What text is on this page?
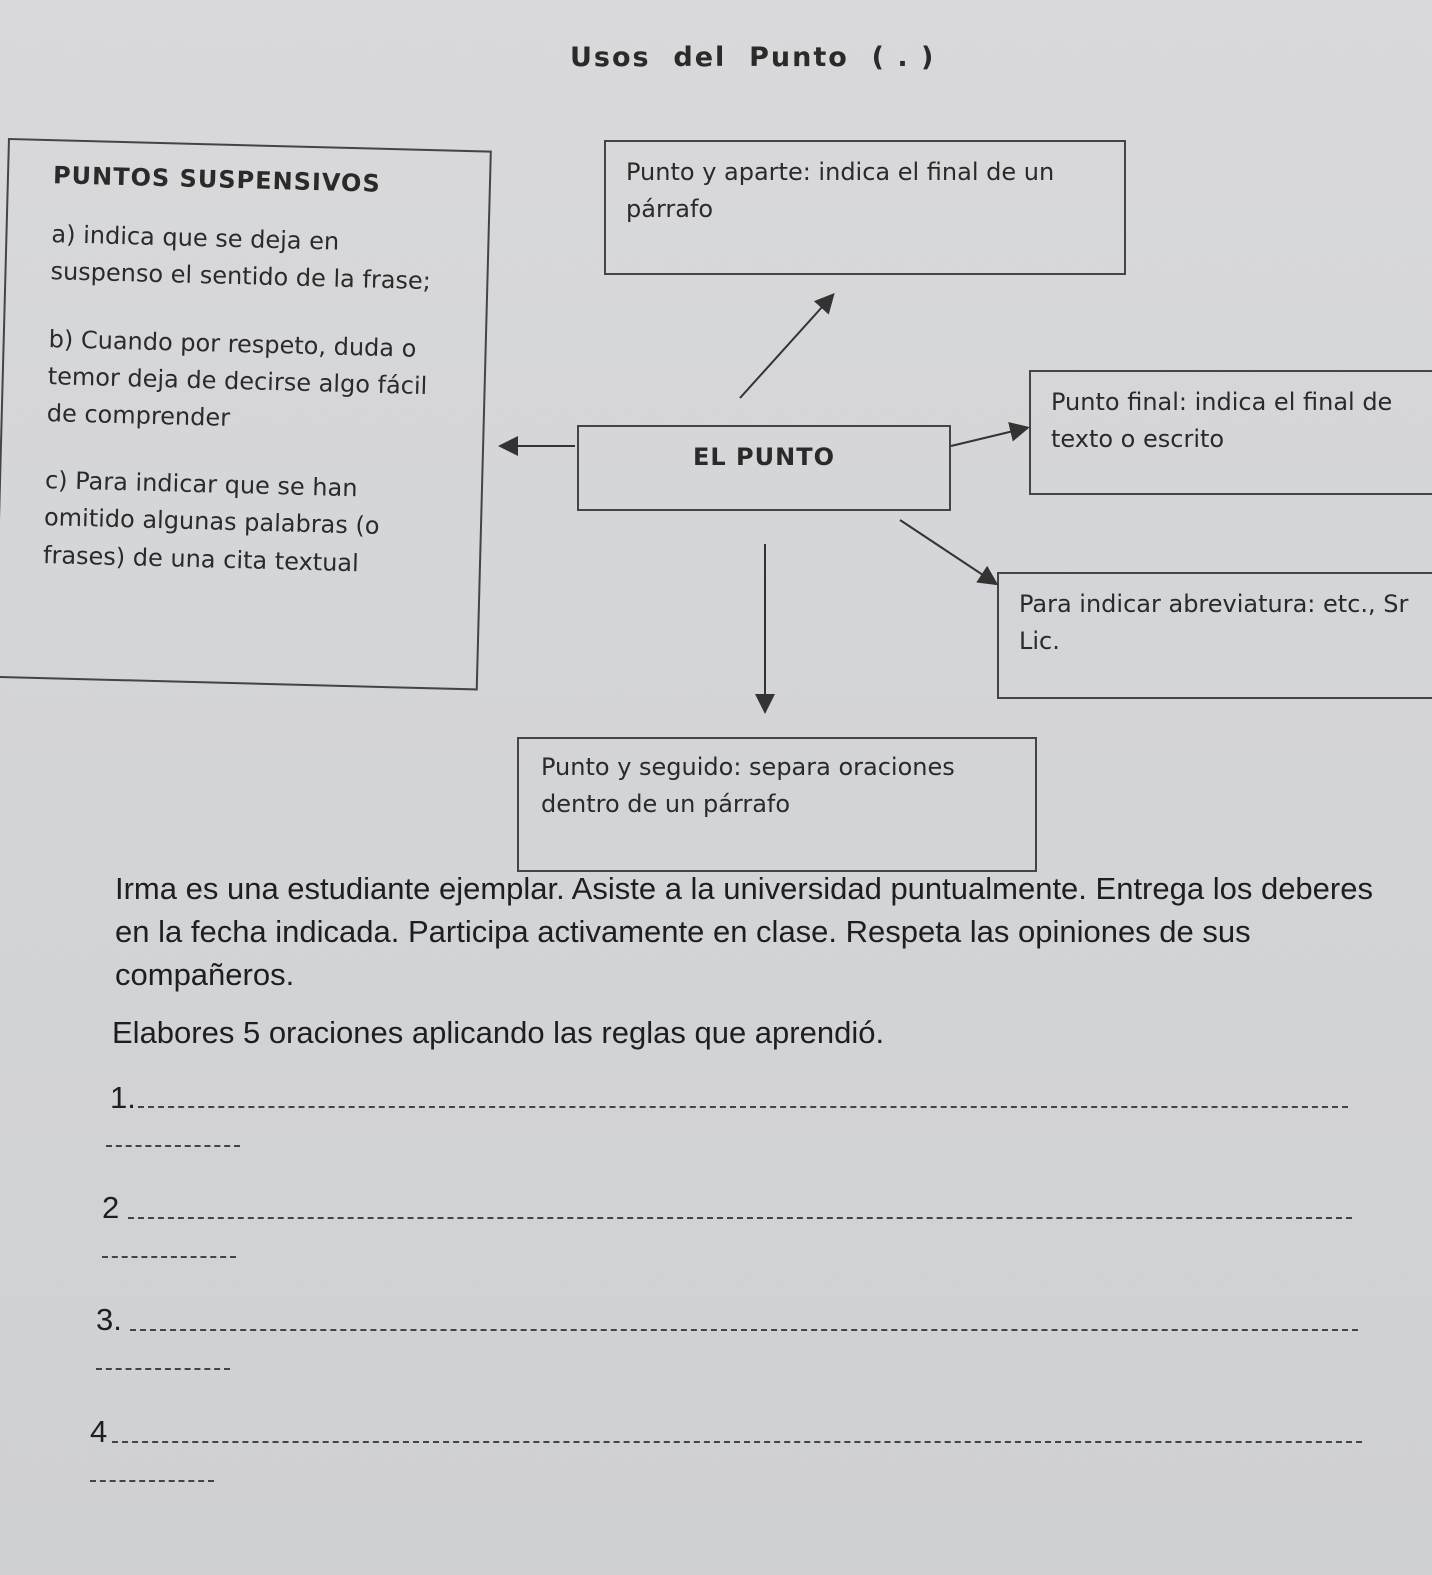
Usos  del  Punto  ( . )

PUNTOS SUSPENSIVOS

a) indica que se deja en suspenso el sentido de la frase;

b) Cuando por respeto, duda o temor deja de decirse algo fácil de comprender

c) Para indicar que se han omitido algunas palabras (o frases) de una cita textual

Punto y aparte: indica el final de un párrafo

EL PUNTO

Punto final: indica el final de

texto o escrito

Para indicar abreviatura: etc., Sr

Lic.

Punto y seguido: separa oraciones dentro de un párrafo

Irma es una estudiante ejemplar. Asiste a la universidad puntualmente. Entrega los deberes en la fecha indicada. Participa activamente en clase. Respeta las opiniones de sus compañeros.
Elabores 5 oraciones aplicando las reglas que aprendió.
1.
2
3.
4
